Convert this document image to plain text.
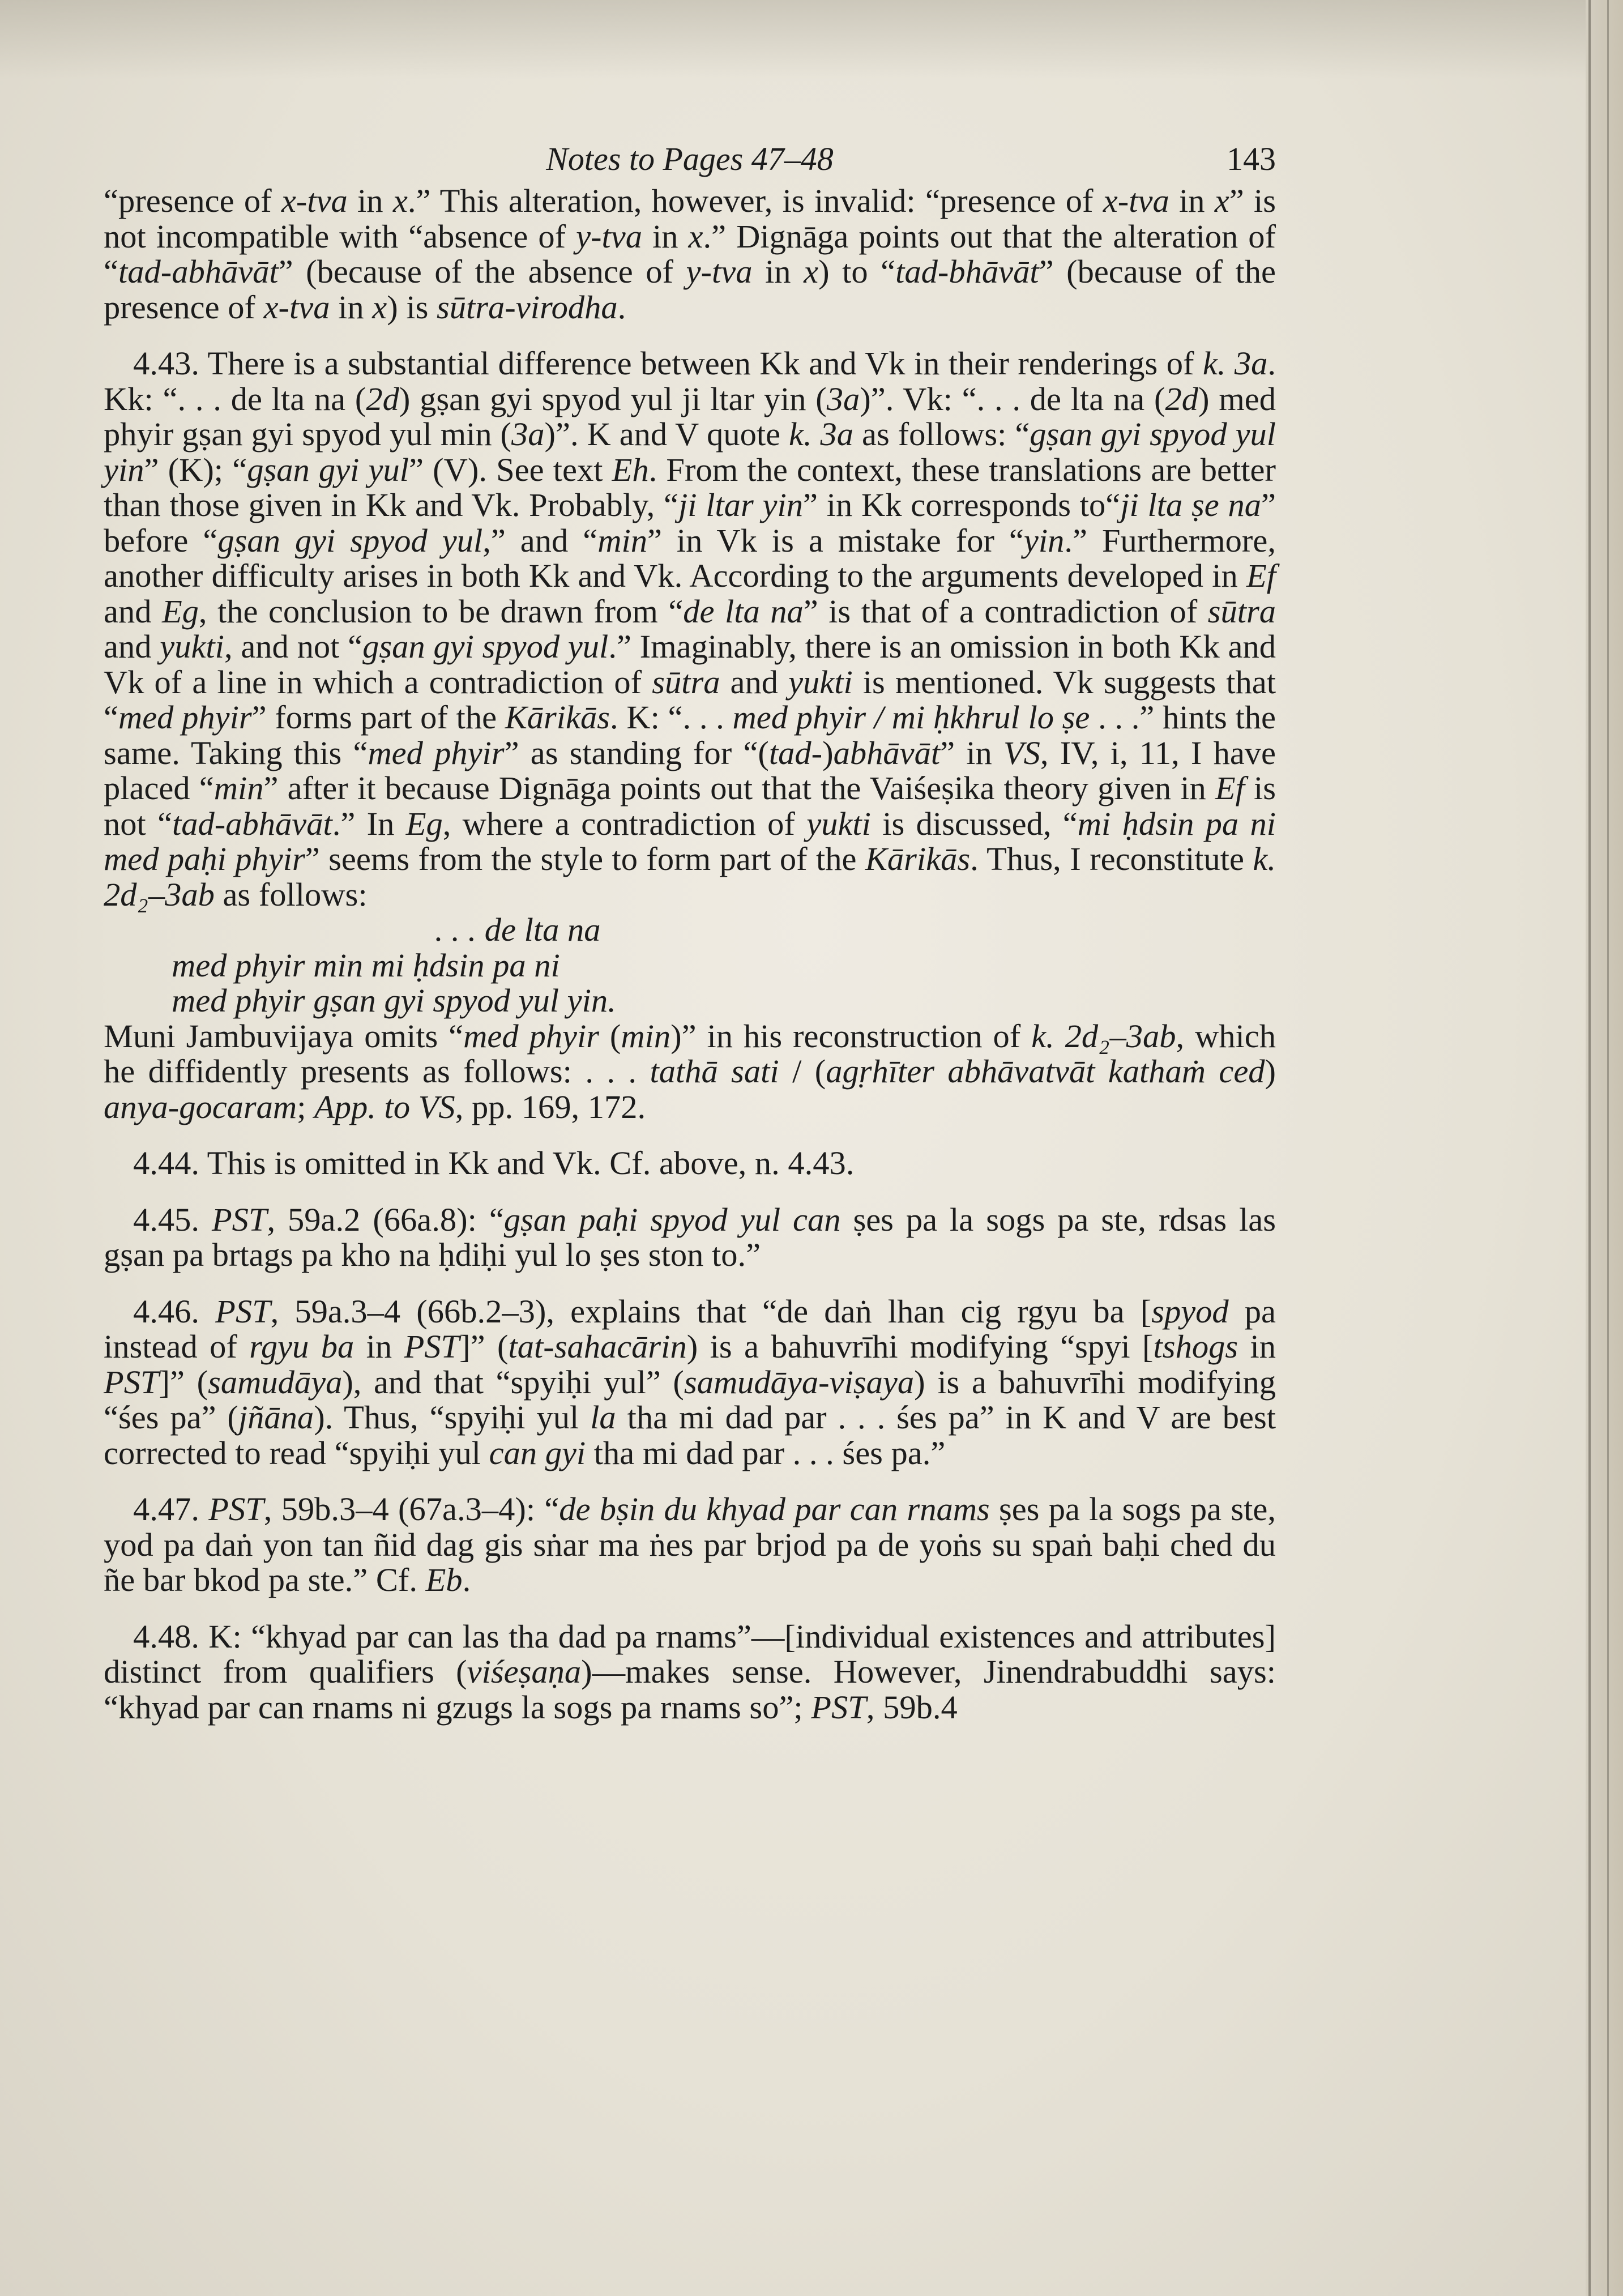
Notes to Pages 47–48	143

“presence of x-tva in x.” This alteration, however, is invalid: “presence of x-tva in x” is not incompatible with “absence of y-tva in x.” Dignāga points out that the alteration of “tad-abhāvāt” (because of the absence of y-tva in x) to “tad-bhāvāt” (because of the presence of x-tva in x) is sūtra-virodha.

4.43. There is a substantial difference between Kk and Vk in their renderings of k. 3a. Kk: “. . . de lta na (2d) gṣan gyi spyod yul ji ltar yin (3a)”. Vk: “. . . de lta na (2d) med phyir gṣan gyi spyod yul min (3a)”. K and V quote k. 3a as follows: “gṣan gyi spyod yul yin” (K); “gṣan gyi yul” (V). See text Eh. From the context, these translations are better than those given in Kk and Vk. Probably, “ji ltar yin” in Kk corresponds to“ji lta ṣe na” before “gṣan gyi spyod yul,” and “min” in Vk is a mistake for “yin.” Furthermore, another difficulty arises in both Kk and Vk. According to the arguments developed in Ef and Eg, the conclusion to be drawn from “de lta na” is that of a contradiction of sūtra and yukti, and not “gṣan gyi spyod yul.” Imaginably, there is an omission in both Kk and Vk of a line in which a contradiction of sūtra and yukti is mentioned. Vk suggests that “med phyir” forms part of the Kārikās. K: “. . . med phyir / mi ḥkhrul lo ṣe . . .” hints the same. Taking this “med phyir” as standing for “(tad-)abhāvāt” in VS, IV, i, 11, I have placed “min” after it because Dignāga points out that the Vaiśeṣika theory given in Ef is not “tad-abhāvāt.” In Eg, where a contradiction of yukti is discussed, “mi ḥdsin pa ni med paḥi phyir” seems from the style to form part of the Kārikās. Thus, I reconstitute k. 2d₂–3ab as follows:

. . . de lta na
med phyir min mi ḥdsin pa ni
med phyir gṣan gyi spyod yul yin.

Muni Jambuvijaya omits “med phyir (min)” in his reconstruction of k. 2d₂–3ab, which he diffidently presents as follows: . . . tathā sati / (agṛhīter abhāvatvāt kathaṁ ced) anya-gocaram; App. to VS, pp. 169, 172.

4.44. This is omitted in Kk and Vk. Cf. above, n. 4.43.

4.45. PST, 59a.2 (66a.8): “gṣan paḥi spyod yul can ṣes pa la sogs pa ste, rdsas las gṣan pa brtags pa kho na ḥdiḥi yul lo ṣes ston to.”

4.46. PST, 59a.3–4 (66b.2–3), explains that “de daṅ lhan cig rgyu ba [spyod pa instead of rgyu ba in PST]” (tat-sahacārin) is a bahuvrīhi modifying “spyi [tshogs in PST]” (samudāya), and that “spyiḥi yul” (samudāya-viṣaya) is a bahuvrīhi modifying “śes pa” (jñāna). Thus, “spyiḥi yul la tha mi dad par . . . śes pa” in K and V are best corrected to read “spyiḥi yul can gyi tha mi dad par . . . śes pa.”

4.47. PST, 59b.3–4 (67a.3–4): “de bṣin du khyad par can rnams ṣes pa la sogs pa ste, yod pa daṅ yon tan ñid dag gis sṅar ma ṅes par brjod pa de yoṅs su spaṅ baḥi ched du ñe bar bkod pa ste.” Cf. Eb.

4.48. K: “khyad par can las tha dad pa rnams”—[individual existences and attributes] distinct from qualifiers (viśeṣaṇa)—makes sense. However, Jinendrabuddhi says: “khyad par can rnams ni gzugs la sogs pa rnams so”; PST, 59b.4
